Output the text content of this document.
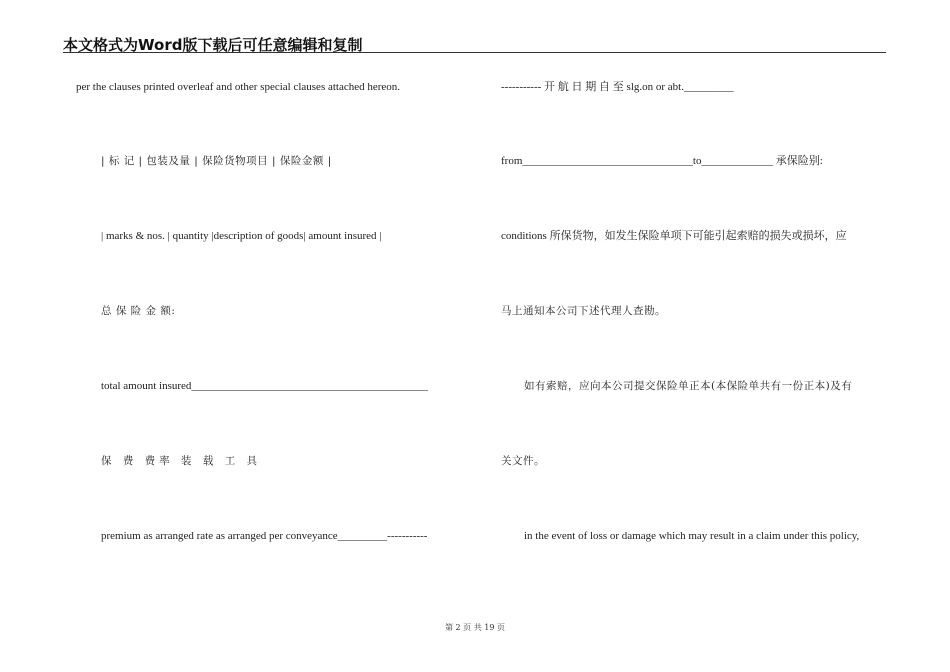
本文格式为Word版下载后可任意编辑和复制
per the clauses printed overleaf and other special clauses attached hereon.
| 标 记 | 包装及量 | 保险货物项目 | 保险金额 |
| marks & nos. | quantity |description of goods| amount insured |
总 保 险 金 额:
total amount insured___________________________________________
保 费 费率 装 载 工 具
premium as arranged rate as arranged per conveyance_________-----------
----------- 开 航 日 期 自 至 slg.on or abt._________
from_______________________________to_____________ 承保险别:
conditions 所保货物，如发生保险单项下可能引起索赔的损失或损坏，应
马上通知本公司下述代理人查勘。
如有索赔，应向本公司提交保险单正本(本保险单共有一份正本)及有
关文件。
in the event of loss or damage which may result in a claim under this policy,
第 2 页 共 19 页
